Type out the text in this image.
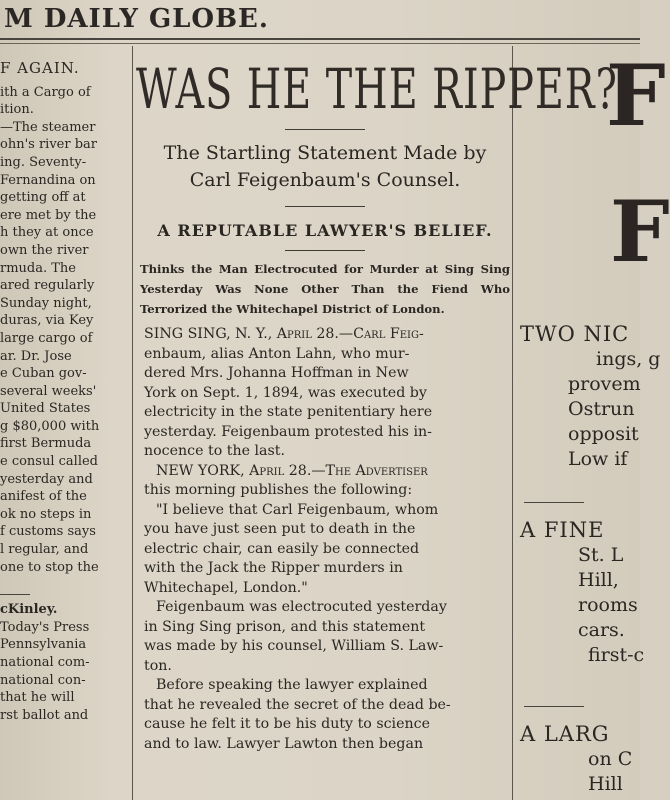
M DAILY GLOBE.
F AGAIN.
ith a Cargo of
ition.
—The steamer
ohn's river bar
ing. Seventy-
Fernandina on
getting off at
ere met by the
h they at once
own the river
rmuda. The
ared regularly
Sunday night,
duras, via Key
large cargo of
ar. Dr. Jose
e Cuban gov-
several weeks'
United States
g $80,000 with
first Bermuda
e consul called
yesterday and
anifest of the
ok no steps in
f customs says
l regular, and
one to stop the
cKinley.
Today's Press
Pennsylvania
national com-
national con-
that he will
rst ballot and
WAS HE THE RIPPER?
The Startling Statement Made by
Carl Feigenbaum's Counsel.
A REPUTABLE LAWYER'S BELIEF.
Thinks the Man Electrocuted for Murder at Sing Sing Yesterday Was None Other Than the Fiend Who Terrorized the Whitechapel District of London.
SING SING, N. Y., April 28.—Carl Feig-
enbaum, alias Anton Lahn, who mur-
dered Mrs. Johanna Hoffman in New
York on Sept. 1, 1894, was executed by
electricity in the state penitentiary here
yesterday. Feigenbaum protested his in-
nocence to the last.
NEW YORK, April 28.—The Advertiser
this morning publishes the following:
"I believe that Carl Feigenbaum, whom
you have just seen put to death in the
electric chair, can easily be connected
with the Jack the Ripper murders in
Whitechapel, London."
Feigenbaum was electrocuted yesterday
in Sing Sing prison, and this statement
was made by his counsel, William S. Law-
ton.
Before speaking the lawyer explained
that he revealed the secret of the dead be-
cause he felt it to be his duty to science
and to law. Lawyer Lawton then began
F
F
TWO NIC
ings, g
provem
Ostrun
opposit
Low if
A FINE
St. L
Hill,
rooms
cars.
first-c
A LARG
on C
Hill
